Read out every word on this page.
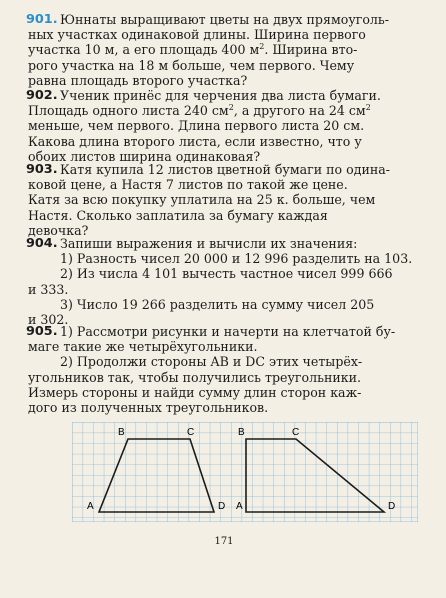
901. Юннаты выращивают цветы на двух прямоуголь-
ных участках одинаковой длины. Ширина первого
участка 10 м, а его площадь 400 $м^2$. Ширина вто-
рого участка на 18 м больше, чем первого. Чему
равна площадь второго участка?
902. Ученик принёс для черчения два листа бумаги.
Площадь одного листа 240 $см^2$, а другого на 24 $см^2$
меньше, чем первого. Длина первого листа 20 см.
Какова длина второго листа, если известно, что у
обоих листов ширина одинаковая?
903. Катя купила 12 листов цветной бумаги по одина-
ковой цене, а Настя 7 листов по такой же цене.
Катя за всю покупку уплатила на 25 к. больше, чем
Настя. Сколько заплатила за бумагу каждая
девочка?
904. Запиши выражения и вычисли их значения:
1) Разность чисел 20 000 и 12 996 разделить на 103.
2) Из числа 4 101 вычесть частное чисел 999 666
и 333.
3) Число 19 266 разделить на сумму чисел 205
и 302.
905. 1) Рассмотри рисунки и начерти на клетчатой бу-
маге такие же четырёхугольники.
2) Продолжи стороны AB и DC этих четырёх-
угольников так, чтобы получились треугольники.
Измерь стороны и найди сумму длин сторон каж-
дого из полученных треугольников.
A
B	C
D A
B	C
D
171
